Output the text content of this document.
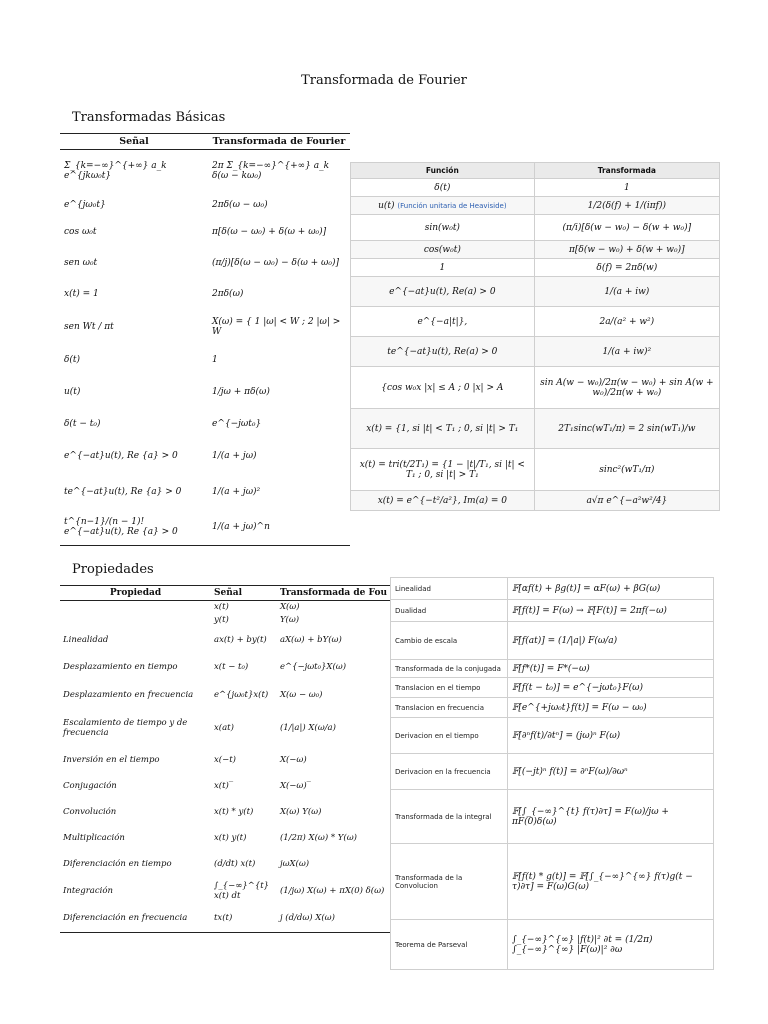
Transformada de Fourier
Transformadas Básicas
Señal	Transformada de Fourier
Σ_{k=−∞}^{+∞} a_k e^{jkω₀t}	2π Σ_{k=−∞}^{+∞} a_k δ(ω − kω₀)
e^{jω₀t}	2πδ(ω − ω₀)
cos ω₀t	π[δ(ω − ω₀) + δ(ω + ω₀)]
sen ω₀t	(π/j)[δ(ω − ω₀) − δ(ω + ω₀)]
x(t) = 1	2πδ(ω)
sen Wt / πt	X(ω) = { 1 |ω| < W ; 2 |ω| > W
δ(t)	1
u(t)	1/jω + πδ(ω)
δ(t − t₀)	e^{−jωt₀}
e^{−at}u(t), Re {a} > 0	1/(a + jω)
te^{−at}u(t), Re {a} > 0	1/(a + jω)²
t^{n−1}/(n − 1)! e^{−at}u(t), Re {a} > 0	1/(a + jω)^n
Función	Transformada
δ(t)	1
u(t) (Función unitaria de Heaviside)	1/2(δ(f) + 1/(iπf))
sin(w₀t)	(π/i)[δ(w − w₀) − δ(w + w₀)]
cos(w₀t)	π[δ(w − w₀) + δ(w + w₀)]
1	δ(f) = 2πδ(w)
e^{−at}u(t), Re(a) > 0	1/(a + iw)
e^{−a|t|},	2a/(a² + w²)
te^{−at}u(t), Re(a) > 0	1/(a + iw)²
{cos w₀x |x| ≤ A ; 0 |x| > A	sin A(w − w₀)/2π(w − w₀) + sin A(w + w₀)/2π(w + w₀)
x(t) = {1, si |t| < T₁ ; 0, si |t| > T₁	2T₁sinc(wT₁/π) = 2 sin(wT₁)/w
x(t) = tri(t/2T₁) = {1 − |t|/T₁, si |t| < T₁ ; 0, si |t| > T₁	sinc²(wT₁/π)
x(t) = e^{−t²/a²}, Im(a) = 0	a√π e^{−a²w²/4}
Propiedades
Propiedad	Señal	Transformada de Fou
	x(t)	X(ω)
	y(t)	Y(ω)
Linealidad	ax(t) + by(t)	aX(ω) + bY(ω)
Desplazamiento en tiempo	x(t − t₀)	e^{−jωt₀}X(ω)
Desplazamiento en frecuencia	e^{jω₀t}x(t)	X(ω − ω₀)
Escalamiento de tiempo y de frecuencia	x(at)	(1/|a|) X(ω/a)
Inversión en el tiempo	x(−t)	X(−ω)
Conjugación	x(t)‾	X(−ω)‾
Convolución	x(t) * y(t)	X(ω) Y(ω)
Multiplicación	x(t) y(t)	(1/2π) X(ω) * Y(ω)
Diferenciación en tiempo	(d/dt) x(t)	jωX(ω)
Integración	∫_{−∞}^{t} x(t) dt	(1/jω) X(ω) + πX(0) δ(ω)
Diferenciación en frecuencia	tx(t)	j (d/dω) X(ω)
Linealidad	𝔽[αf(t) + βg(t)] = αF(ω) + βG(ω)
Dualidad	𝔽[f(t)] = F(ω) → 𝔽[F(t)] = 2πf(−ω)
Cambio de escala	𝔽[f(at)] = (1/|a|) F(ω/a)
Transformada de la conjugada	𝔽[f*(t)] = F*(−ω)
Translacion en el tiempo	𝔽[f(t − t₀)] = e^{−jωt₀}F(ω)
Translacion en frecuencia	𝔽[e^{+jω₀t}f(t)] = F(ω − ω₀)
Derivacion en el tiempo	𝔽[∂ⁿf(t)/∂tⁿ] = (jω)ⁿ F(ω)
Derivacion en la frecuencia	𝔽[(−jt)ⁿ f(t)] = ∂ⁿF(ω)/∂ωⁿ
Transformada de la integral	𝔽[∫_{−∞}^{t} f(τ)∂τ] = F(ω)/jω + πF(0)δ(ω)
Transformada de la Convolucion	𝔽[f(t) * g(t)] = 𝔽[∫_{−∞}^{∞} f(τ)g(t − τ)∂τ] = F(ω)G(ω)
Teorema de Parseval	∫_{−∞}^{∞} |f(t)|² ∂t = (1/2π) ∫_{−∞}^{∞} |F(ω)|² ∂ω
